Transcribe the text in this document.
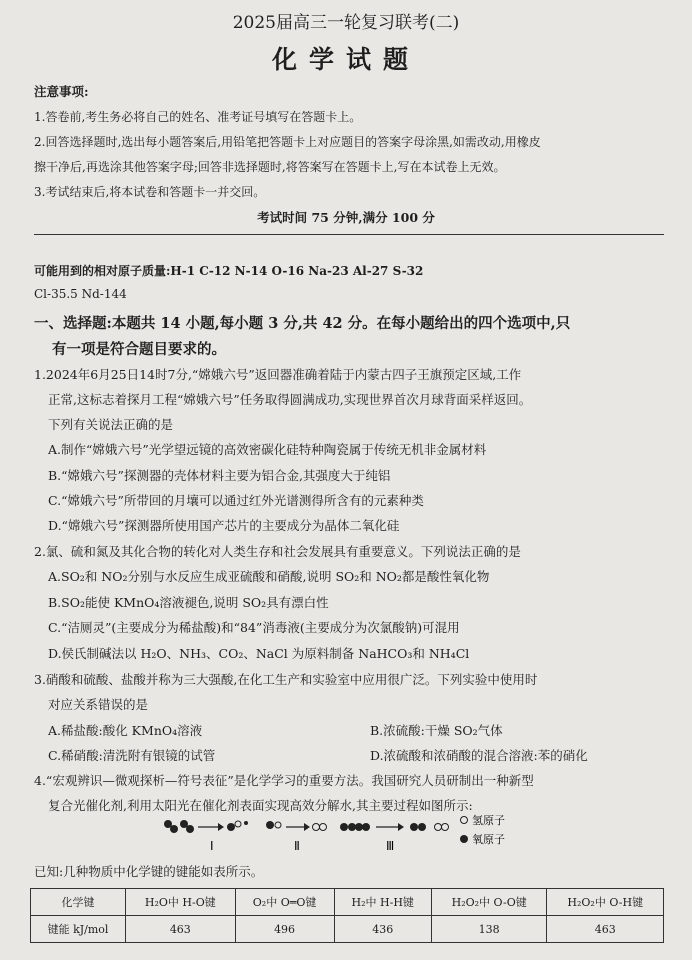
2025届高三一轮复习联考(二)
化学试题
注意事项:
1.答卷前,考生务必将自己的姓名、准考证号填写在答题卡上。
2.回答选择题时,选出每小题答案后,用铅笔把答题卡上对应题目的答案字母涂黑,如需改动,用橡皮
擦干净后,再选涂其他答案字母;回答非选择题时,将答案写在答题卡上,写在本试卷上无效。
3.考试结束后,将本试卷和答题卡一并交回。
考试时间 75 分钟,满分 100 分
可能用到的相对原子质量:H-1 C-12 N-14 O-16 Na-23 Al-27 S-32
Cl-35.5 Nd-144
一、选择题:本题共 14 小题,每小题 3 分,共 42 分。在每小题给出的四个选项中,只
有一项是符合题目要求的。
1.2024年6月25日14时7分,“嫦娥六号”返回器准确着陆于内蒙古四子王旗预定区域,工作
正常,这标志着探月工程“嫦娥六号”任务取得圆满成功,实现世界首次月球背面采样返回。
下列有关说法正确的是
A.制作“嫦娥六号”光学望远镜的高效密碳化硅特种陶瓷属于传统无机非金属材料
B.“嫦娥六号”探测器的壳体材料主要为铝合金,其强度大于纯铝
C.“嫦娥六号”所带回的月壤可以通过红外光谱测得所含有的元素种类
D.“嫦娥六号”探测器所使用国产芯片的主要成分为晶体二氧化硅
2.氯、硫和氮及其化合物的转化对人类生存和社会发展具有重要意义。下列说法正确的是
A.SO₂和 NO₂分别与水反应生成亚硫酸和硝酸,说明 SO₂和 NO₂都是酸性氧化物
B.SO₂能使 KMnO₄溶液褪色,说明 SO₂具有漂白性
C.“洁厕灵”(主要成分为稀盐酸)和“84”消毒液(主要成分为次氯酸钠)可混用
D.侯氏制碱法以 H₂O、NH₃、CO₂、NaCl 为原料制备 NaHCO₃和 NH₄Cl
3.硝酸和硫酸、盐酸并称为三大强酸,在化工生产和实验室中应用很广泛。下列实验中使用时
对应关系错误的是
A.稀盐酸:酸化 KMnO₄溶液	B.浓硫酸:干燥 SO₂气体
C.稀硝酸:清洗附有银镜的试管	D.浓硫酸和浓硝酸的混合溶液:苯的硝化
4.“宏观辨识—微观探析—符号表征”是化学学习的重要方法。我国研究人员研制出一种新型
复合光催化剂,利用太阳光在催化剂表面实现高效分解水,其主要过程如图所示:
Ⅰ	Ⅱ	Ⅲ
氢原子
氧原子
已知:几种物质中化学键的键能如表所示。
化学键	H₂O中 H-O键	O₂中 O═O键	H₂中 H-H键	H₂O₂中 O-O键	H₂O₂中 O-H键
键能 kJ/mol	463	496	436	138	463
